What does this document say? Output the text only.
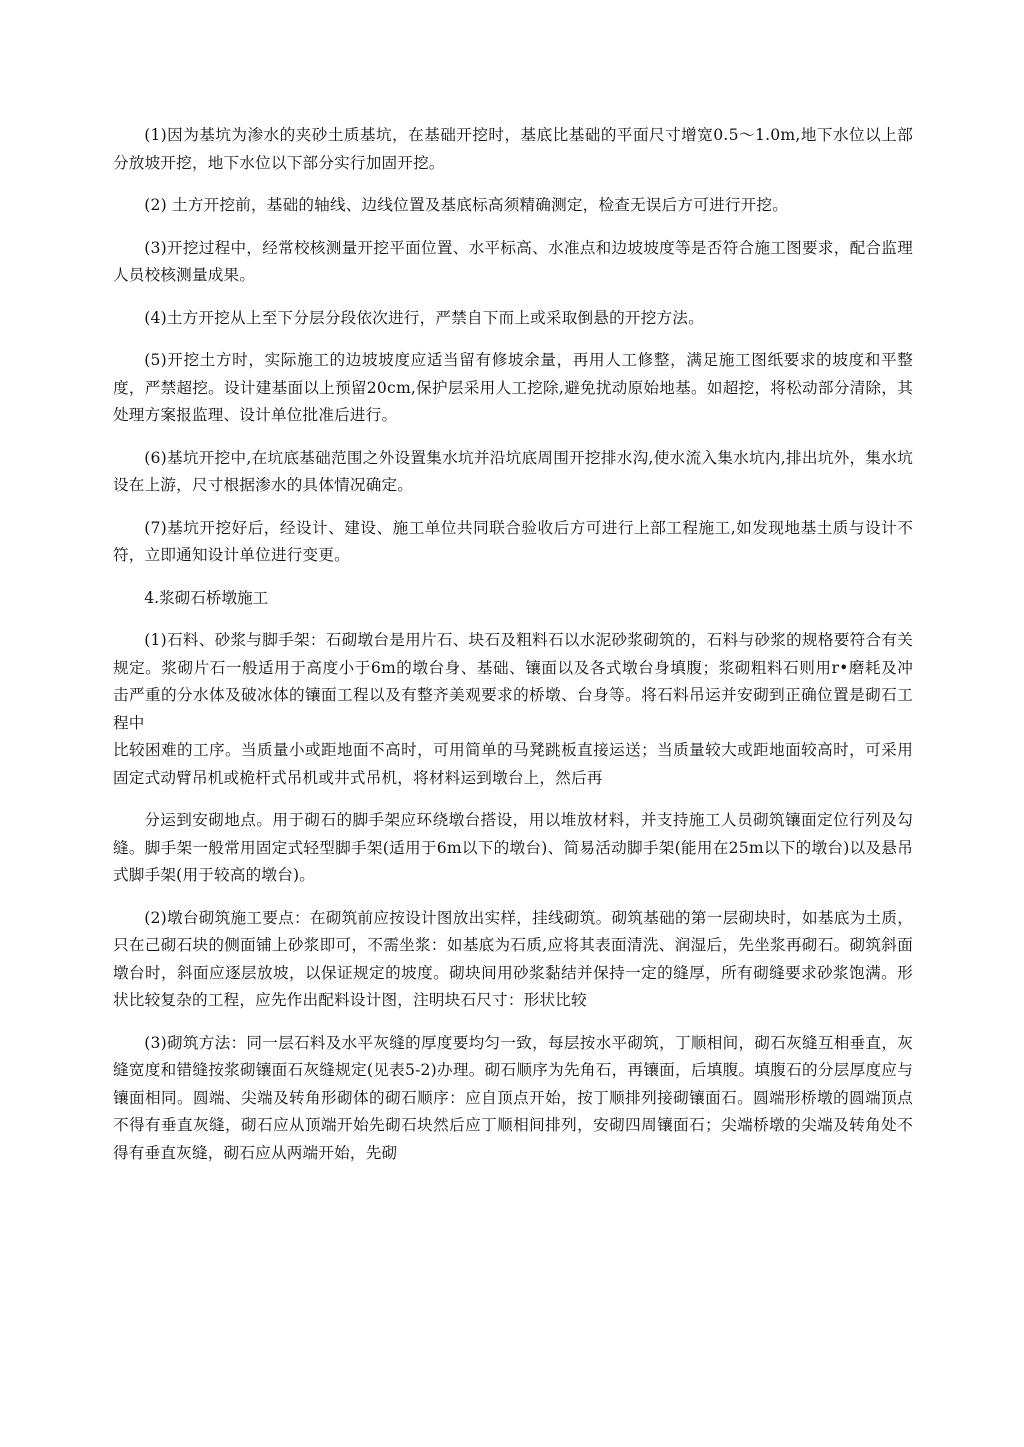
(1)因为基坑为渗水的夹砂土质基坑，在基础开挖时，基底比基础的平面尺寸增宽0.5～1.0m,地下水位以上部分放坡开挖，地下水位以下部分实行加固开挖。

(2) 土方开挖前，基础的轴线、边线位置及基底标高须精确测定，检查无误后方可进行开挖。

(3)开挖过程中，经常校核测量开挖平面位置、水平标高、水准点和边坡坡度等是否符合施工图要求，配合监理人员校核测量成果。

(4)土方开挖从上至下分层分段依次进行，严禁自下而上或采取倒悬的开挖方法。

(5)开挖土方时，实际施工的边坡坡度应适当留有修坡余量，再用人工修整，满足施工图纸要求的坡度和平整度，严禁超挖。设计建基面以上预留20cm,保护层采用人工挖除,避免扰动原始地基。如超挖，将松动部分清除，其处理方案报监理、设计单位批准后进行。

(6)基坑开挖中,在坑底基础范围之外设置集水坑并沿坑底周围开挖排水沟,使水流入集水坑内,排出坑外，集水坑设在上游，尺寸根据渗水的具体情况确定。

(7)基坑开挖好后，经设计、建设、施工单位共同联合验收后方可进行上部工程施工,如发现地基土质与设计不符，立即通知设计单位进行变更。

4.浆砌石桥墩施工

(1)石料、砂浆与脚手架：石砌墩台是用片石、块石及粗料石以水泥砂浆砌筑的，石料与砂浆的规格要符合有关规定。浆砌片石一般适用于高度小于6m的墩台身、基础、镶面以及各式墩台身填腹；浆砌粗料石则用r•磨耗及冲击严重的分水体及破冰体的镶面工程以及有整齐美观要求的桥墩、台身等。将石料吊运并安砌到正确位置是砌石工程中

比较困难的工序。当质量小或距地面不高时，可用简单的马凳跳板直接运送；当质量较大或距地面较高时，可采用固定式动臂吊机或桅杆式吊机或井式吊机，将材料运到墩台上，然后再

分运到安砌地点。用于砌石的脚手架应环绕墩台搭设，用以堆放材料，并支持施工人员砌筑镶面定位行列及勾缝。脚手架一般常用固定式轻型脚手架(适用于6m以下的墩台)、简易活动脚手架(能用在25m以下的墩台)以及悬吊式脚手架(用于较高的墩台)。

(2)墩台砌筑施工要点：在砌筑前应按设计图放出实样，挂线砌筑。砌筑基础的第一层砌块时，如基底为土质，只在己砌石块的侧面铺上砂浆即可，不需坐浆：如基底为石质,应将其表面清洗、润湿后，先坐浆再砌石。砌筑斜面墩台时，斜面应逐层放坡，以保证规定的坡度。砌块间用砂浆黏结并保持一定的缝厚，所有砌缝要求砂浆饱满。形状比较复杂的工程，应先作出配料设计图，注明块石尺寸：形状比较

(3)砌筑方法：同一层石料及水平灰缝的厚度要均匀一致，每层按水平砌筑，丁顺相间，砌石灰缝互相垂直，灰缝宽度和错缝按浆砌镶面石灰缝规定(见表5-2)办理。砌石顺序为先角石，再镶面，后填腹。填腹石的分层厚度应与镶面相同。圆端、尖端及转角形砌体的砌石顺序：应自顶点开始，按丁顺排列接砌镶面石。圆端形桥墩的圆端顶点不得有垂直灰缝，砌石应从顶端开始先砌石块然后应丁顺相间排列，安砌四周镶面石；尖端桥墩的尖端及转角处不得有垂直灰缝，砌石应从两端开始，先砌
